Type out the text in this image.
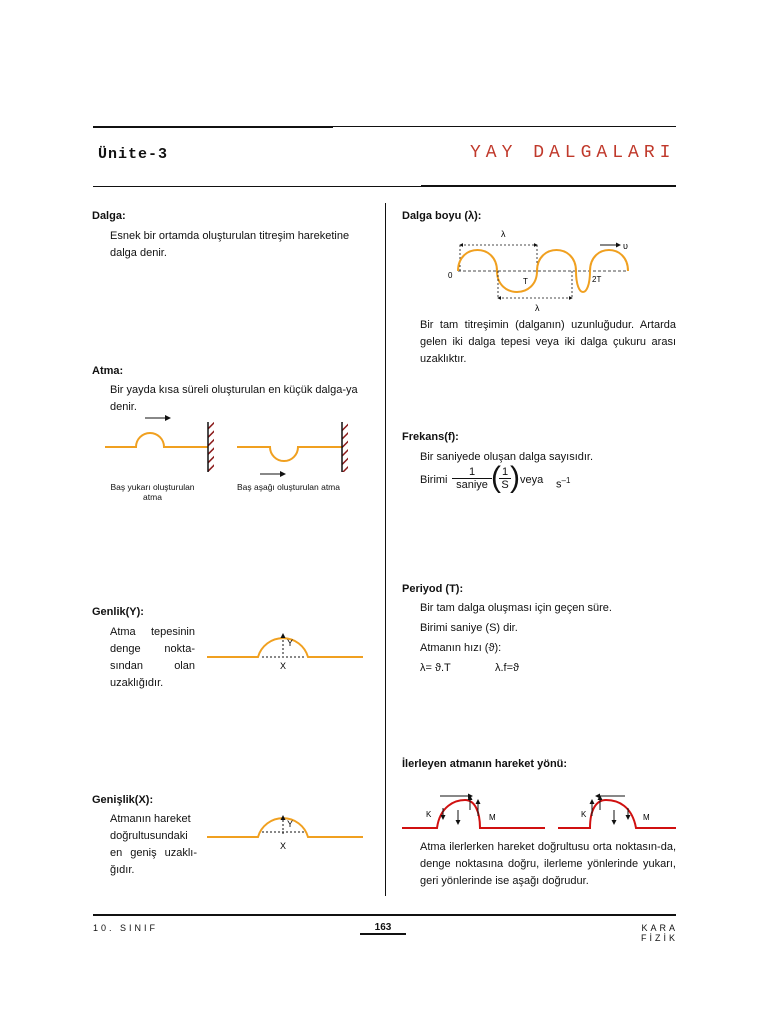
Ünite-3	YAY DALGALARI
Dalga:
Esnek bir ortamda oluşturulan titreşim hareketine dalga denir.
Atma:
Bir yayda kısa süreli oluşturulan en küçük dalga-ya denir.
Baş yukarı oluşturulan atma
Baş aşağı oluşturulan atma
Genlik(Y):
Atma tepesinin
denge nokta-
sından olan
uzaklığıdır.
Y
X
Genişlik(X):
Atmanın hareket
doğrultusundaki
en geniş uzaklı-
ğıdır.
Y
X
Dalga boyu (λ):
λ
0
T	2T
λ
υ
Bir tam titreşimin (dalganın) uzunluğudur. Artarda gelen iki dalga tepesi veya iki dalga çukuru arası uzaklıktır.
Frekans(f):
Bir saniyede oluşan dalga sayısıdır.
Birimi
1
saniye (
$\frac{1}{S}$ ) veya $s^{-1}$
Periyod (T):
Bir tam dalga oluşması için geçen süre.
Birimi saniye (S) dir.
Atmanın hızı (ϑ):
λ= ϑ.T	λ.f=ϑ
İlerleyen atmanın hareket yönü:
K	M	K	M
Atma ilerlerken hareket doğrultusu orta noktasın-da, denge noktasına doğru, ilerleme yönlerinde yukarı, geri yönlerinde ise aşağı doğrudur.
10. SINIF	163	KARA FİZİK
